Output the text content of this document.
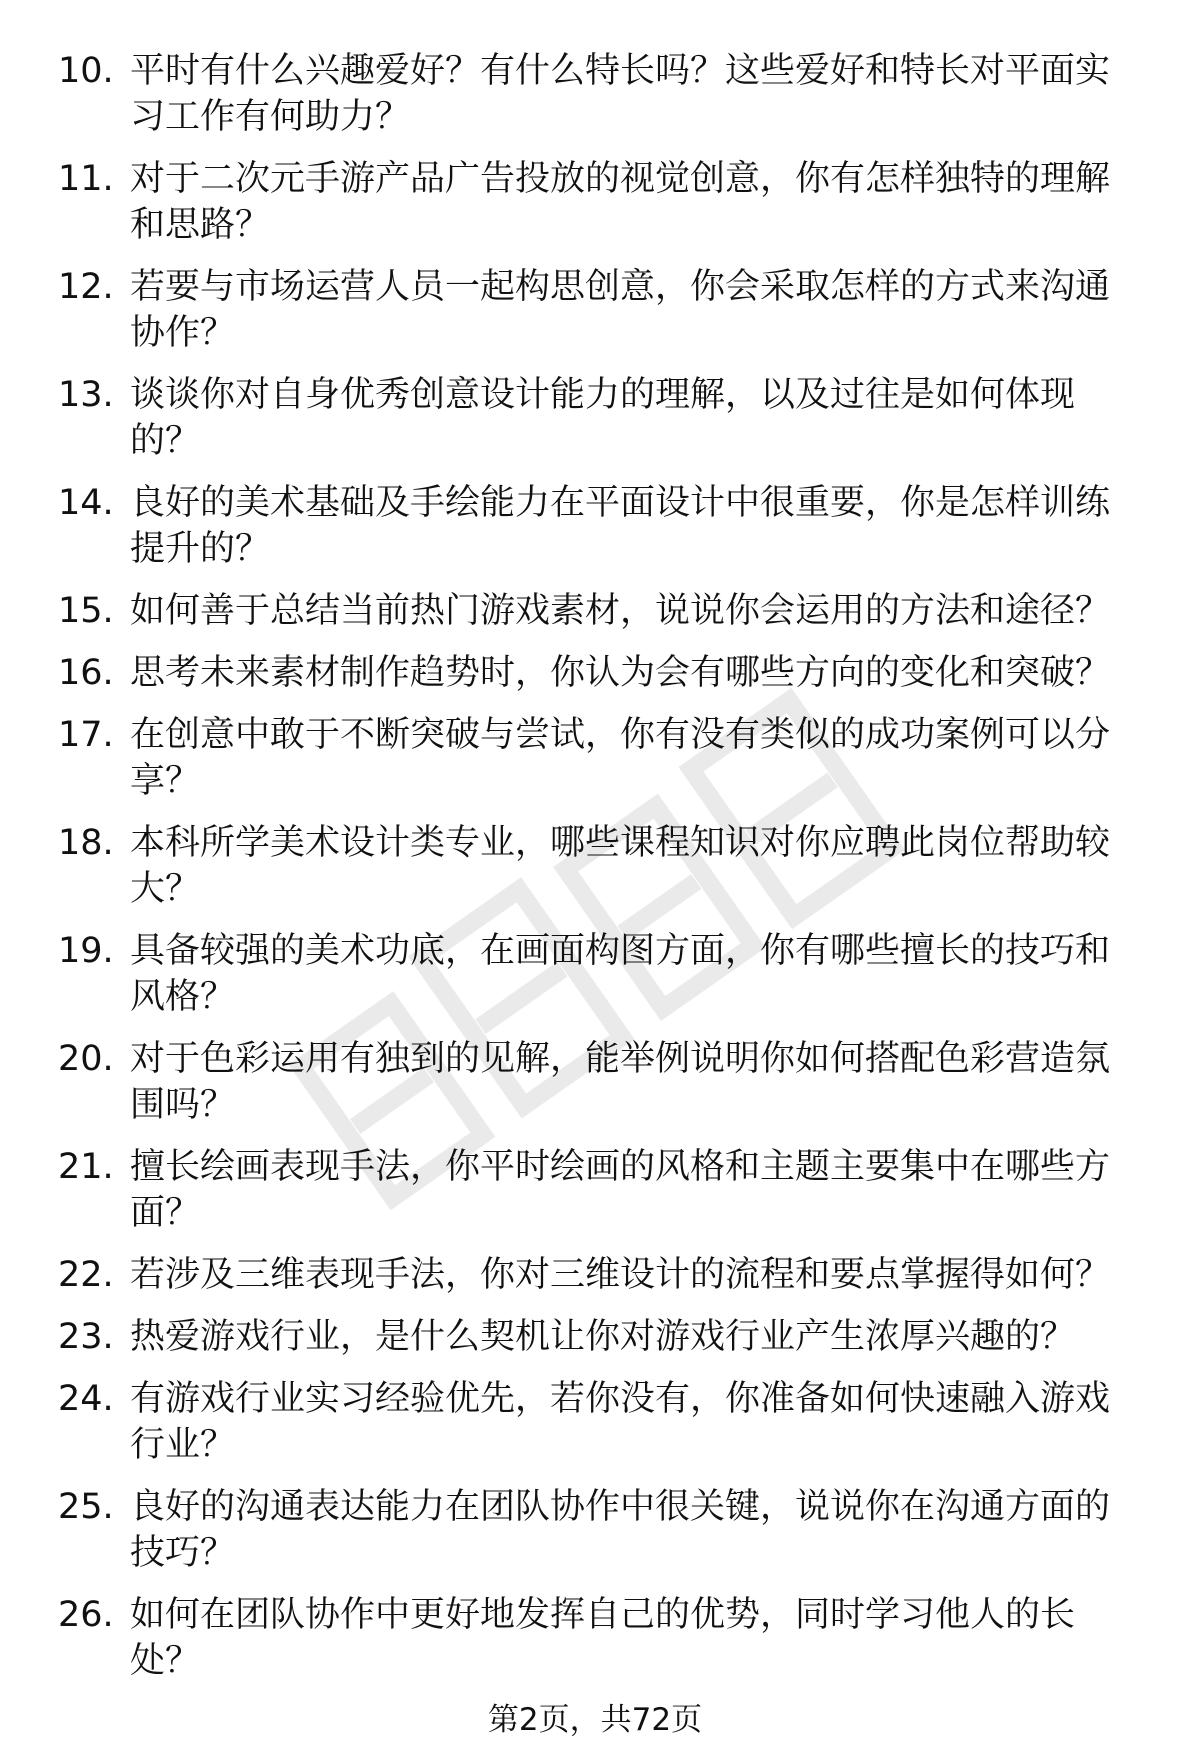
10. 平时有什么兴趣爱好？有什么特长吗？这些爱好和特长对平面实习工作有何助力？
11. 对于二次元手游产品广告投放的视觉创意，你有怎样独特的理解和思路？
12. 若要与市场运营人员一起构思创意，你会采取怎样的方式来沟通协作？
13. 谈谈你对自身优秀创意设计能力的理解，以及过往是如何体现的？
14. 良好的美术基础及手绘能力在平面设计中很重要，你是怎样训练提升的？
15. 如何善于总结当前热门游戏素材，说说你会运用的方法和途径？
16. 思考未来素材制作趋势时，你认为会有哪些方向的变化和突破？
17. 在创意中敢于不断突破与尝试，你有没有类似的成功案例可以分享？
18. 本科所学美术设计类专业，哪些课程知识对你应聘此岗位帮助较大？
19. 具备较强的美术功底，在画面构图方面，你有哪些擅长的技巧和风格？
20. 对于色彩运用有独到的见解，能举例说明你如何搭配色彩营造氛围吗？
21. 擅长绘画表现手法，你平时绘画的风格和主题主要集中在哪些方面？
22. 若涉及三维表现手法，你对三维设计的流程和要点掌握得如何？
23. 热爱游戏行业，是什么契机让你对游戏行业产生浓厚兴趣的？
24. 有游戏行业实习经验优先，若你没有，你准备如何快速融入游戏行业？
25. 良好的沟通表达能力在团队协作中很关键，说说你在沟通方面的技巧？
26. 如何在团队协作中更好地发挥自己的优势，同时学习他人的长处？
第2页，共72页
